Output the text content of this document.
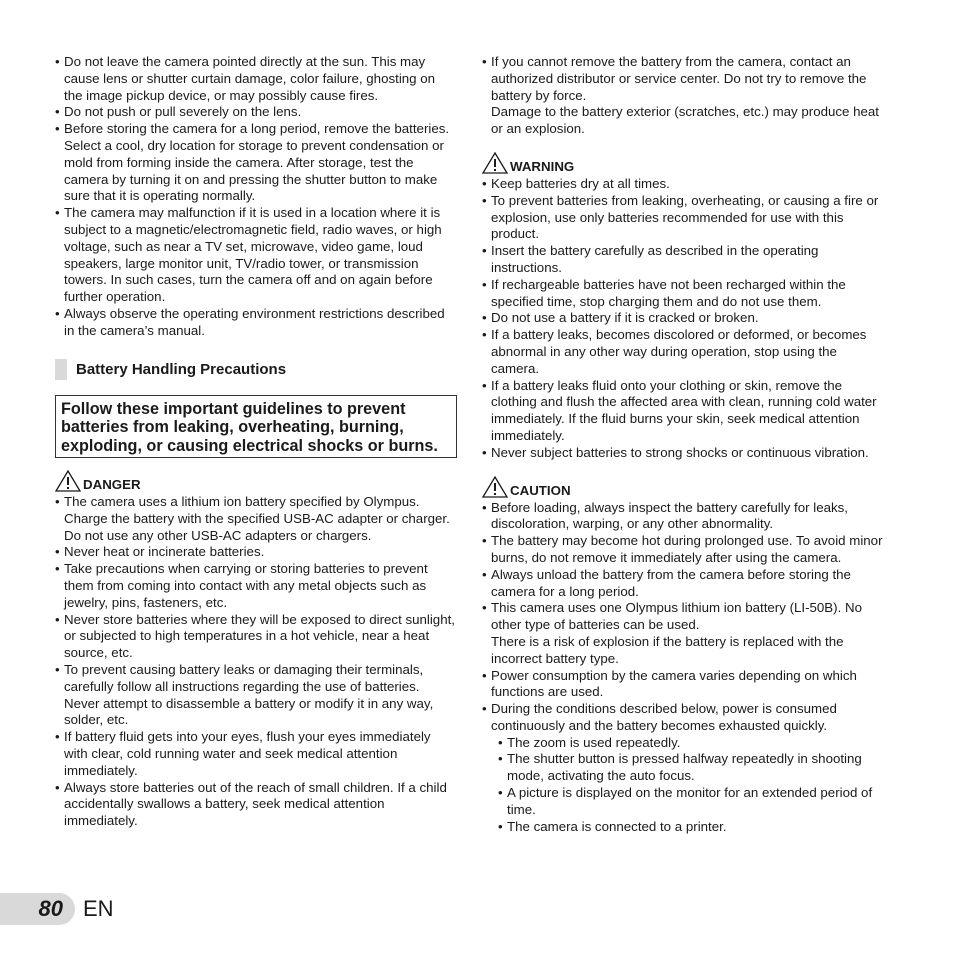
• Do not leave the camera pointed directly at the sun. This may cause lens or shutter curtain damage, color failure, ghosting on the image pickup device, or may possibly cause fires.
• Do not push or pull severely on the lens.
• Before storing the camera for a long period, remove the batteries. Select a cool, dry location for storage to prevent condensation or mold from forming inside the camera. After storage, test the camera by turning it on and pressing the shutter button to make sure that it is operating normally.
• The camera may malfunction if it is used in a location where it is subject to a magnetic/electromagnetic field, radio waves, or high voltage, such as near a TV set, microwave, video game, loud speakers, large monitor unit, TV/radio tower, or transmission towers. In such cases, turn the camera off and on again before further operation.
• Always observe the operating environment restrictions described in the camera’s manual.
Battery Handling Precautions
Follow these important guidelines to prevent batteries from leaking, overheating, burning, exploding, or causing electrical shocks or burns.
DANGER
• The camera uses a lithium ion battery specified by Olympus. Charge the battery with the specified USB-AC adapter or charger. Do not use any other USB-AC adapters or chargers.
• Never heat or incinerate batteries.
• Take precautions when carrying or storing batteries to prevent them from coming into contact with any metal objects such as jewelry, pins, fasteners, etc.
• Never store batteries where they will be exposed to direct sunlight, or subjected to high temperatures in a hot vehicle, near a heat source, etc.
• To prevent causing battery leaks or damaging their terminals, carefully follow all instructions regarding the use of batteries. Never attempt to disassemble a battery or modify it in any way, solder, etc.
• If battery fluid gets into your eyes, flush your eyes immediately with clear, cold running water and seek medical attention immediately.
• Always store batteries out of the reach of small children. If a child accidentally swallows a battery, seek medical attention immediately.
• If you cannot remove the battery from the camera, contact an authorized distributor or service center. Do not try to remove the battery by force.
Damage to the battery exterior (scratches, etc.) may produce heat or an explosion.
WARNING
• Keep batteries dry at all times.
• To prevent batteries from leaking, overheating, or causing a fire or explosion, use only batteries recommended for use with this product.
• Insert the battery carefully as described in the operating instructions.
• If rechargeable batteries have not been recharged within the specified time, stop charging them and do not use them.
• Do not use a battery if it is cracked or broken.
• If a battery leaks, becomes discolored or deformed, or becomes abnormal in any other way during operation, stop using the camera.
• If a battery leaks fluid onto your clothing or skin, remove the clothing and flush the affected area with clean, running cold water immediately. If the fluid burns your skin, seek medical attention immediately.
• Never subject batteries to strong shocks or continuous vibration.
CAUTION
• Before loading, always inspect the battery carefully for leaks, discoloration, warping, or any other abnormality.
• The battery may become hot during prolonged use. To avoid minor burns, do not remove it immediately after using the camera.
• Always unload the battery from the camera before storing the camera for a long period.
• This camera uses one Olympus lithium ion battery (LI-50B). No other type of batteries can be used.
There is a risk of explosion if the battery is replaced with the incorrect battery type.
• Power consumption by the camera varies depending on which functions are used.
• During the conditions described below, power is consumed continuously and the battery becomes exhausted quickly.
• The zoom is used repeatedly.
• The shutter button is pressed halfway repeatedly in shooting mode, activating the auto focus.
• A picture is displayed on the monitor for an extended period of time.
• The camera is connected to a printer.
80 EN
